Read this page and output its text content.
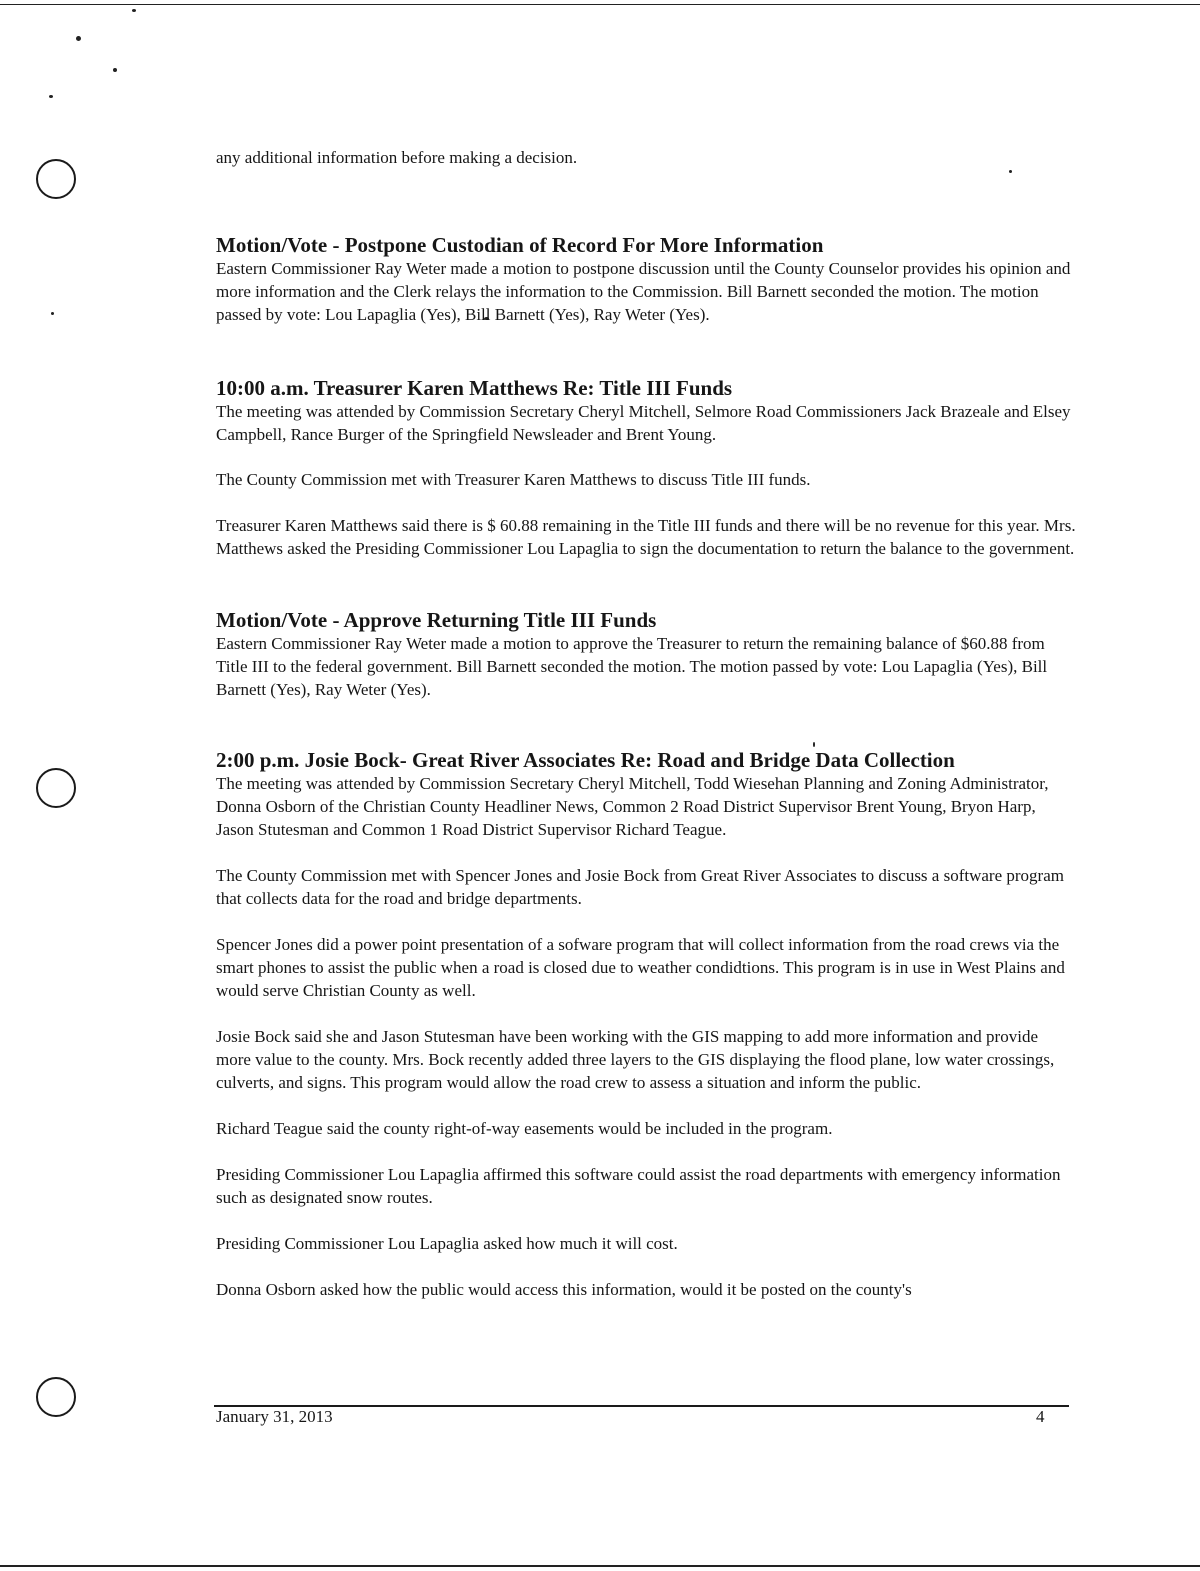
any additional information before making a decision.

Motion/Vote - Postpone Custodian of Record For More Information

Eastern Commissioner Ray Weter made a motion to postpone discussion until the County Counselor provides his opinion and more information and the Clerk relays the information to the Commission. Bill Barnett seconded the motion. The motion passed by vote: Lou Lapaglia (Yes), Bill Barnett (Yes), Ray Weter (Yes).

10:00 a.m. Treasurer Karen Matthews Re: Title III Funds

The meeting was attended by Commission Secretary Cheryl Mitchell, Selmore Road Commissioners Jack Brazeale and Elsey Campbell, Rance Burger of the Springfield Newsleader and Brent Young.

The County Commission met with Treasurer Karen Matthews to discuss Title III funds.

Treasurer Karen Matthews said there is $ 60.88 remaining in the Title III funds and there will be no revenue for this year. Mrs. Matthews asked the Presiding Commissioner Lou Lapaglia to sign the documentation to return the balance to the government.

Motion/Vote - Approve Returning Title III Funds

Eastern Commissioner Ray Weter made a motion to approve the Treasurer to return the remaining balance of $60.88 from Title III to the federal government. Bill Barnett seconded the motion. The motion passed by vote: Lou Lapaglia (Yes), Bill Barnett (Yes), Ray Weter (Yes).

2:00 p.m. Josie Bock- Great River Associates Re: Road and Bridge Data Collection

The meeting was attended by Commission Secretary Cheryl Mitchell, Todd Wiesehan Planning and Zoning Administrator, Donna Osborn of the Christian County Headliner News, Common 2 Road District Supervisor Brent Young, Bryon Harp, Jason Stutesman and Common 1 Road District Supervisor Richard Teague.

The County Commission met with Spencer Jones and Josie Bock from Great River Associates to discuss a software program that collects data for the road and bridge departments.

Spencer Jones did a power point presentation of a sofware program that will collect information from the road crews via the smart phones to assist the public when a road is closed due to weather condidtions. This program is in use in West Plains and would serve Christian County as well.

Josie Bock said she and Jason Stutesman have been working with the GIS mapping to add more information and provide more value to the county. Mrs. Bock recently added three layers to the GIS displaying the flood plane, low water crossings, culverts, and signs. This program would allow the road crew to assess a situation and inform the public.

Richard Teague said the county right-of-way easements would be included in the program.

Presiding Commissioner Lou Lapaglia affirmed this software could assist the road departments with emergency information such as designated snow routes.

Presiding Commissioner Lou Lapaglia asked how much it will cost.

Donna Osborn asked how the public would access this information, would it be posted on the county's

January 31, 2013	4
